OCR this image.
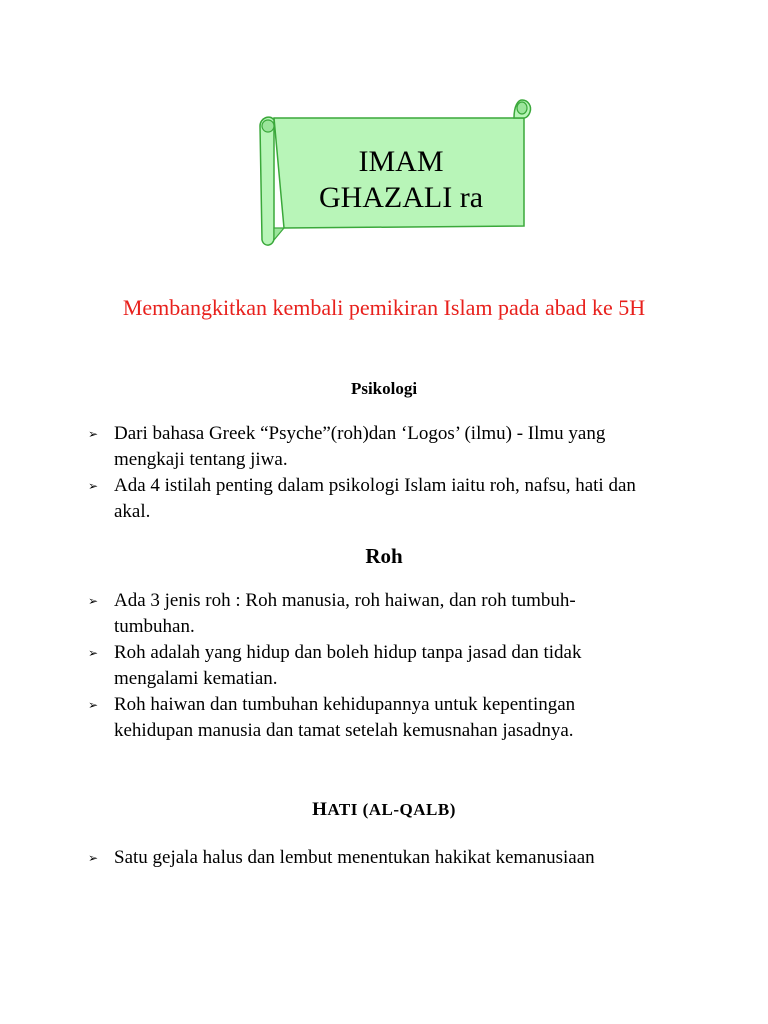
IMAM
GHAZALI ra
Membangkitkan kembali pemikiran Islam pada abad ke 5H
Psikologi
➢ Dari bahasa Greek “Psyche”(roh)dan ‘Logos’ (ilmu) - Ilmu yang mengkaji tentang jiwa.
➢ Ada 4 istilah penting dalam psikologi Islam iaitu roh, nafsu, hati dan akal.
Roh
➢ Ada 3 jenis roh : Roh manusia, roh haiwan, dan roh tumbuh-tumbuhan.
➢ Roh adalah yang hidup dan boleh hidup tanpa jasad dan tidak mengalami kematian.
➢ Roh haiwan dan tumbuhan kehidupannya untuk kepentingan kehidupan manusia dan tamat setelah kemusnahan jasadnya.
HATI (AL-QALB)
➢ Satu gejala halus dan lembut menentukan hakikat kemanusiaan
